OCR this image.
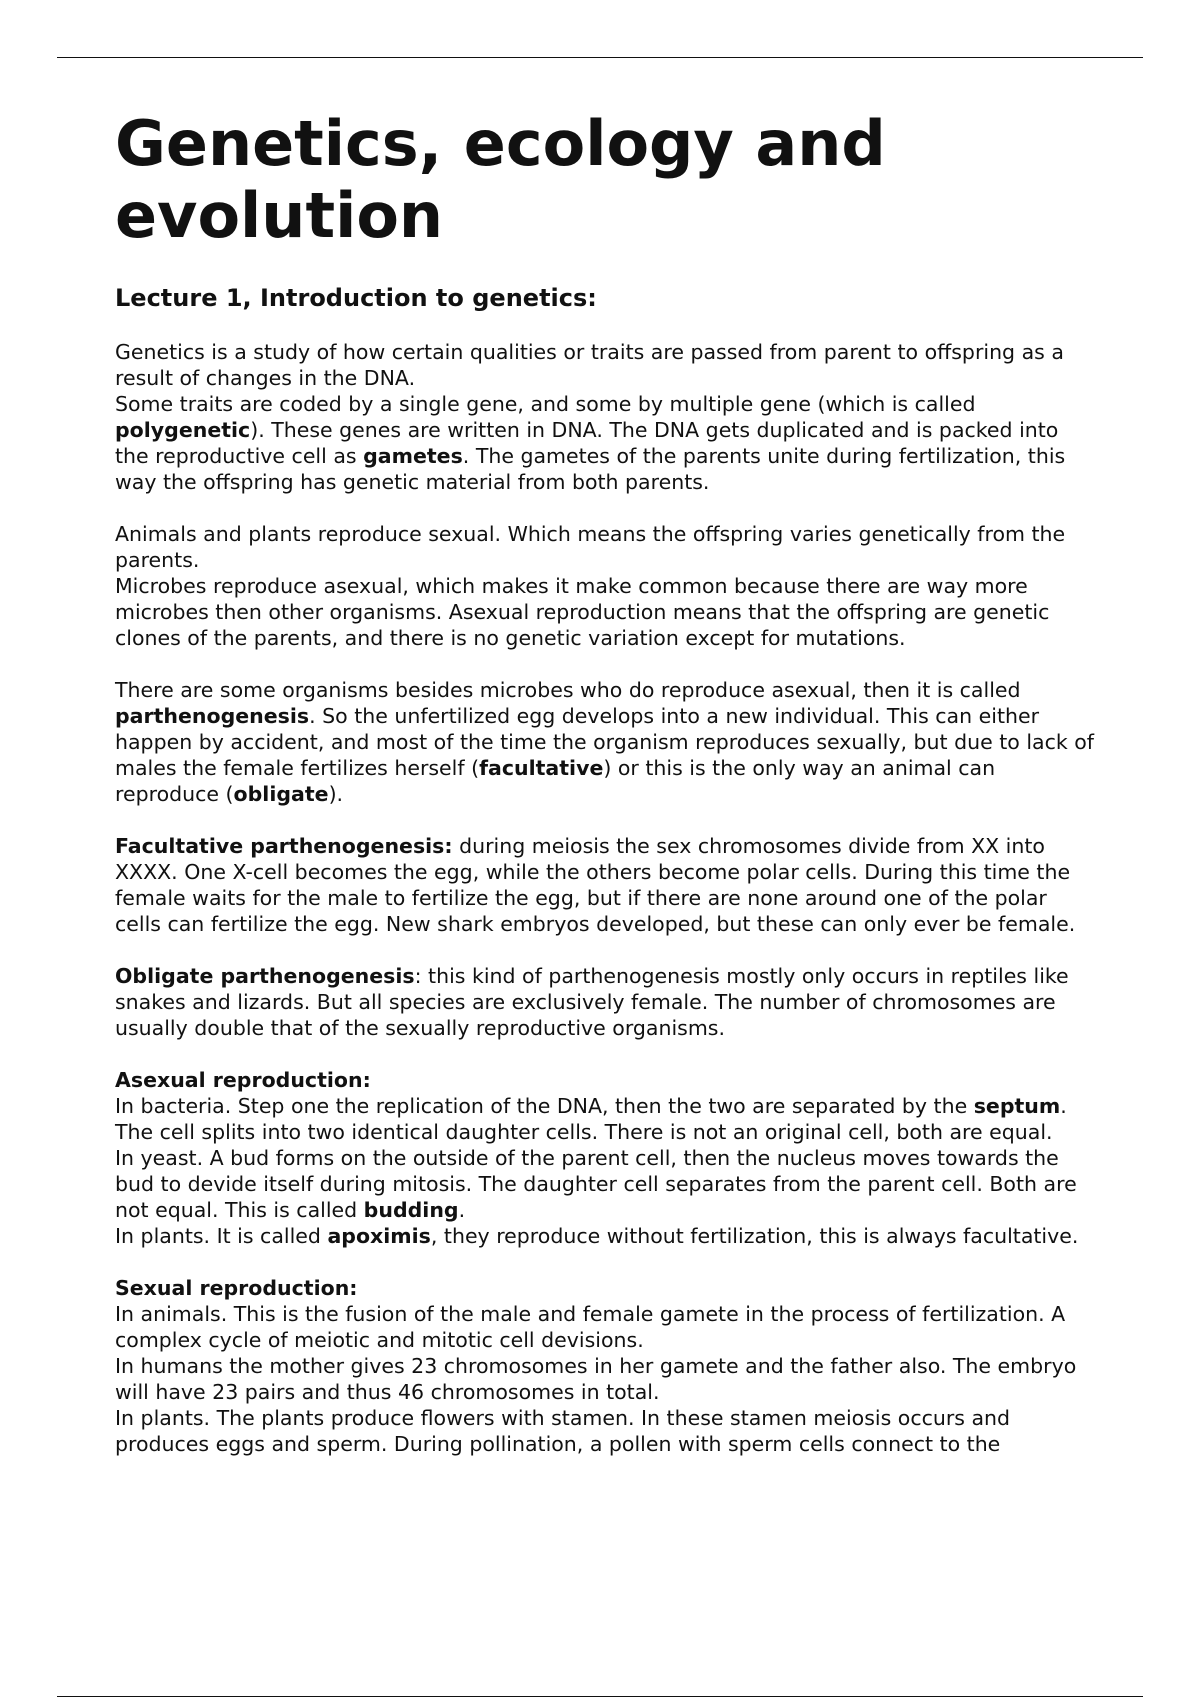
Genetics, ecology and
evolution
Lecture 1, Introduction to genetics:

Genetics is a study of how certain qualities or traits are passed from parent to offspring as a result of changes in the DNA.
Some traits are coded by a single gene, and some by multiple gene (which is called polygenetic). These genes are written in DNA. The DNA gets duplicated and is packed into the reproductive cell as gametes. The gametes of the parents unite during fertilization, this way the offspring has genetic material from both parents.

Animals and plants reproduce sexual. Which means the offspring varies genetically from the parents.
Microbes reproduce asexual, which makes it make common because there are way more microbes then other organisms. Asexual reproduction means that the offspring are genetic clones of the parents, and there is no genetic variation except for mutations.

There are some organisms besides microbes who do reproduce asexual, then it is called parthenogenesis. So the unfertilized egg develops into a new individual. This can either happen by accident, and most of the time the organism reproduces sexually, but due to lack of males the female fertilizes herself (facultative) or this is the only way an animal can reproduce (obligate).

Facultative parthenogenesis: during meiosis the sex chromosomes divide from XX into XXXX. One X-cell becomes the egg, while the others become polar cells. During this time the female waits for the male to fertilize the egg, but if there are none around one of the polar cells can fertilize the egg. New shark embryos developed, but these can only ever be female.

Obligate parthenogenesis: this kind of parthenogenesis mostly only occurs in reptiles like snakes and lizards. But all species are exclusively female. The number of chromosomes are usually double that of the sexually reproductive organisms.

Asexual reproduction:
In bacteria. Step one the replication of the DNA, then the two are separated by the septum. The cell splits into two identical daughter cells. There is not an original cell, both are equal.
In yeast. A bud forms on the outside of the parent cell, then the nucleus moves towards the bud to devide itself during mitosis. The daughter cell separates from the parent cell. Both are not equal. This is called budding.
In plants. It is called apoximis, they reproduce without fertilization, this is always facultative.

Sexual reproduction:
In animals. This is the fusion of the male and female gamete in the process of fertilization. A complex cycle of meiotic and mitotic cell devisions.
In humans the mother gives 23 chromosomes in her gamete and the father also. The embryo will have 23 pairs and thus 46 chromosomes in total.
In plants. The plants produce flowers with stamen. In these stamen meiosis occurs and produces eggs and sperm. During pollination, a pollen with sperm cells connect to the
